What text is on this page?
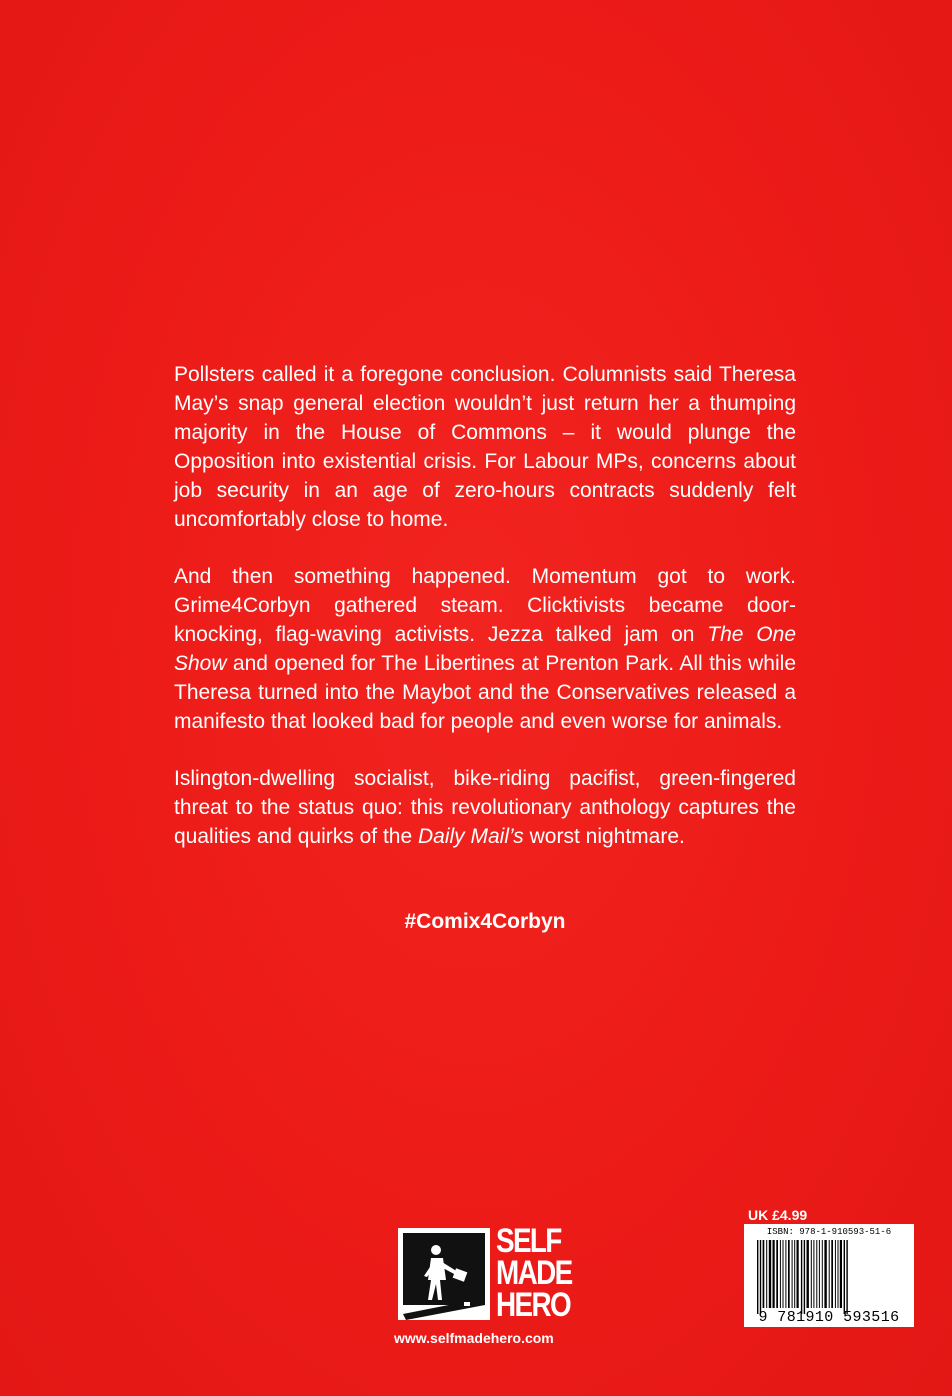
Pollsters called it a foregone conclusion. Columnists said Theresa May’s snap general election wouldn’t just return her a thumping majority in the House of Commons – it would plunge the Opposition into existential crisis. For Labour MPs, concerns about job security in an age of zero-hours contracts suddenly felt uncomfortably close to home.

And then something happened. Momentum got to work. Grime4Corbyn gathered steam. Clicktivists became door-knocking, flag-waving activists. Jezza talked jam on The One Show and opened for The Libertines at Prenton Park. All this while Theresa turned into the Maybot and the Conservatives released a manifesto that looked bad for people and even worse for animals.

Islington-dwelling socialist, bike-riding pacifist, green-fingered threat to the status quo: this revolutionary anthology captures the qualities and quirks of the Daily Mail’s worst nightmare.

#Comix4Corbyn
SELF
MADE
HERO
www.selfmadehero.com
UK £4.99
ISBN: 978-1-910593-51-6
9 781910 593516
